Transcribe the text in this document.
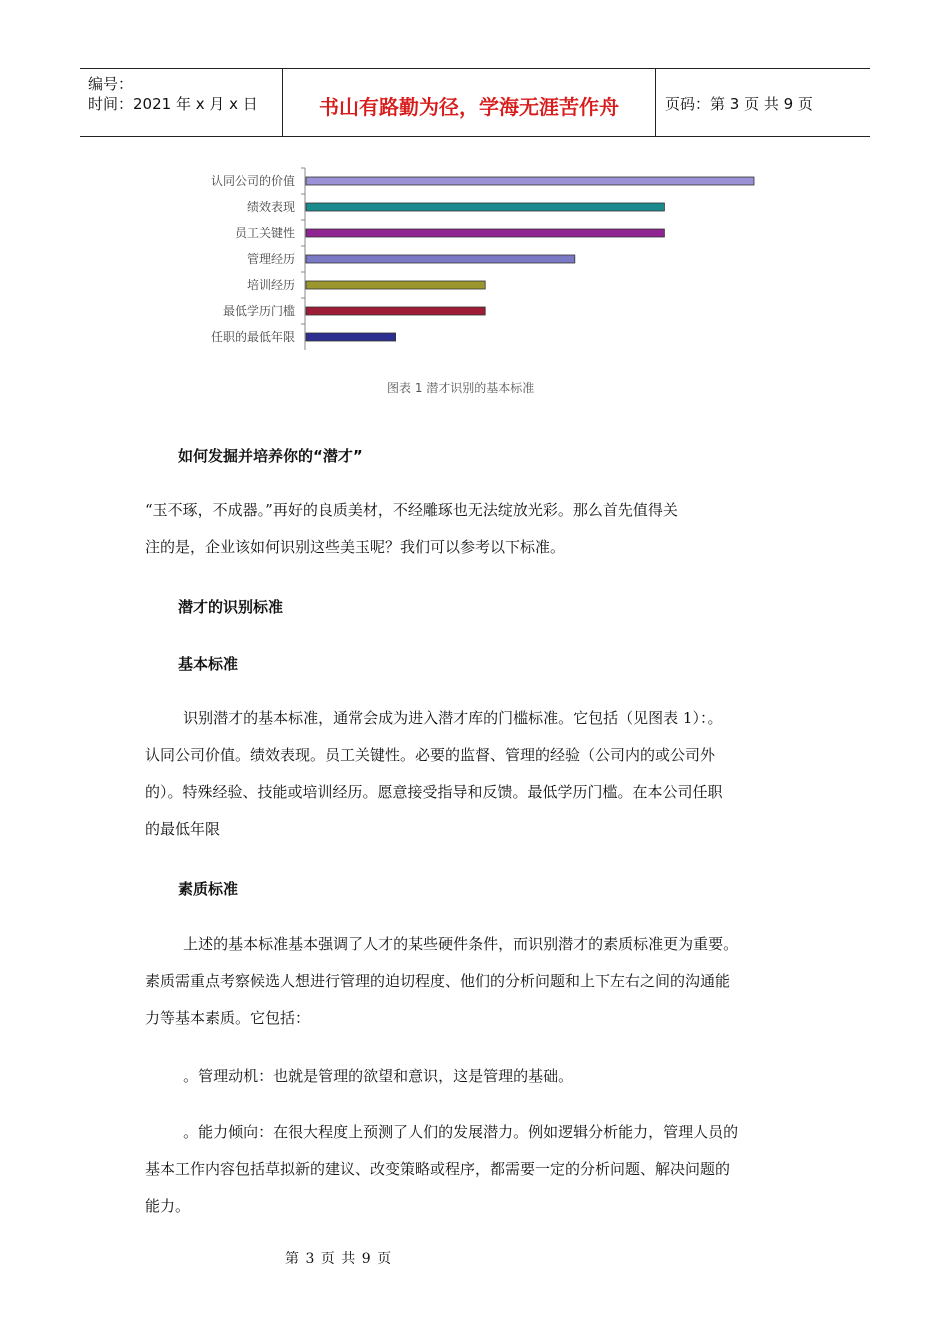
编号：
时间：2021 年 x 月 x 日	书山有路勤为径，学海无涯苦作舟	页码：第 3 页 共 9 页
认同公司的价值
绩效表现
员工关键性
管理经历
培训经历
最低学历门槛
任职的最低年限
图表 1 潜才识别的基本标准
如何发掘并培养你的“潜才”
“玉不琢，不成器。”再好的良质美材，不经雕琢也无法绽放光彩。那么首先值得关
注的是，企业该如何识别这些美玉呢？我们可以参考以下标准。
潜才的识别标准
基本标准
识别潜才的基本标准，通常会成为进入潜才库的门槛标准。它包括（见图表 1）：。
认同公司价值。绩效表现。员工关键性。必要的监督、管理的经验（公司内的或公司外
的）。特殊经验、技能或培训经历。愿意接受指导和反馈。最低学历门槛。在本公司任职
的最低年限
素质标准
上述的基本标准基本强调了人才的某些硬件条件，而识别潜才的素质标准更为重要。
素质需重点考察候选人想进行管理的迫切程度、他们的分析问题和上下左右之间的沟通能
力等基本素质。它包括：
。管理动机：也就是管理的欲望和意识，这是管理的基础。
。能力倾向：在很大程度上预测了人们的发展潜力。例如逻辑分析能力，管理人员的
基本工作内容包括草拟新的建议、改变策略或程序，都需要一定的分析问题、解决问题的
能力。
第 3 页 共 9 页
